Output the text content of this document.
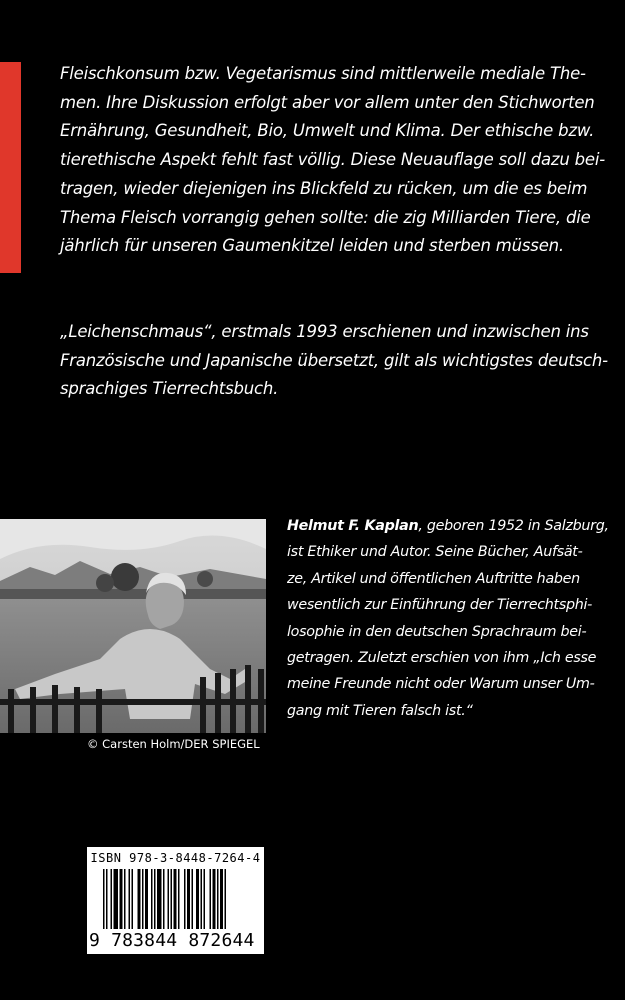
Fleischkonsum bzw. Vegetarismus sind mittlerweile mediale The-
men. Ihre Diskussion erfolgt aber vor allem unter den Stichworten
Ernährung, Gesundheit, Bio, Umwelt und Klima. Der ethische bzw.
tierethische Aspekt fehlt fast völlig. Diese Neuauflage soll dazu bei-
tragen, wieder diejenigen ins Blickfeld zu rücken, um die es beim
Thema Fleisch vorrangig gehen sollte: die zig Milliarden Tiere, die
jährlich für unseren Gaumenkitzel leiden und sterben müssen.
„Leichenschmaus“, erstmals 1993 erschienen und inzwischen ins
Französische und Japanische übersetzt, gilt als wichtigstes deutsch-
sprachiges Tierrechtsbuch.
© Carsten Holm/DER SPIEGEL
Helmut F. Kaplan, geboren 1952 in Salzburg,
ist Ethiker und Autor. Seine Bücher, Aufsät-
ze, Artikel und öffentlichen Auftritte haben
wesentlich zur Einführung der Tierrechtsphi-
losophie in den deutschen Sprachraum bei-
getragen. Zuletzt erschien von ihm „Ich esse
meine Freunde nicht oder Warum unser Um-
gang mit Tieren falsch ist.“
ISBN 978-3-8448-7264-4
9 783844 872644
